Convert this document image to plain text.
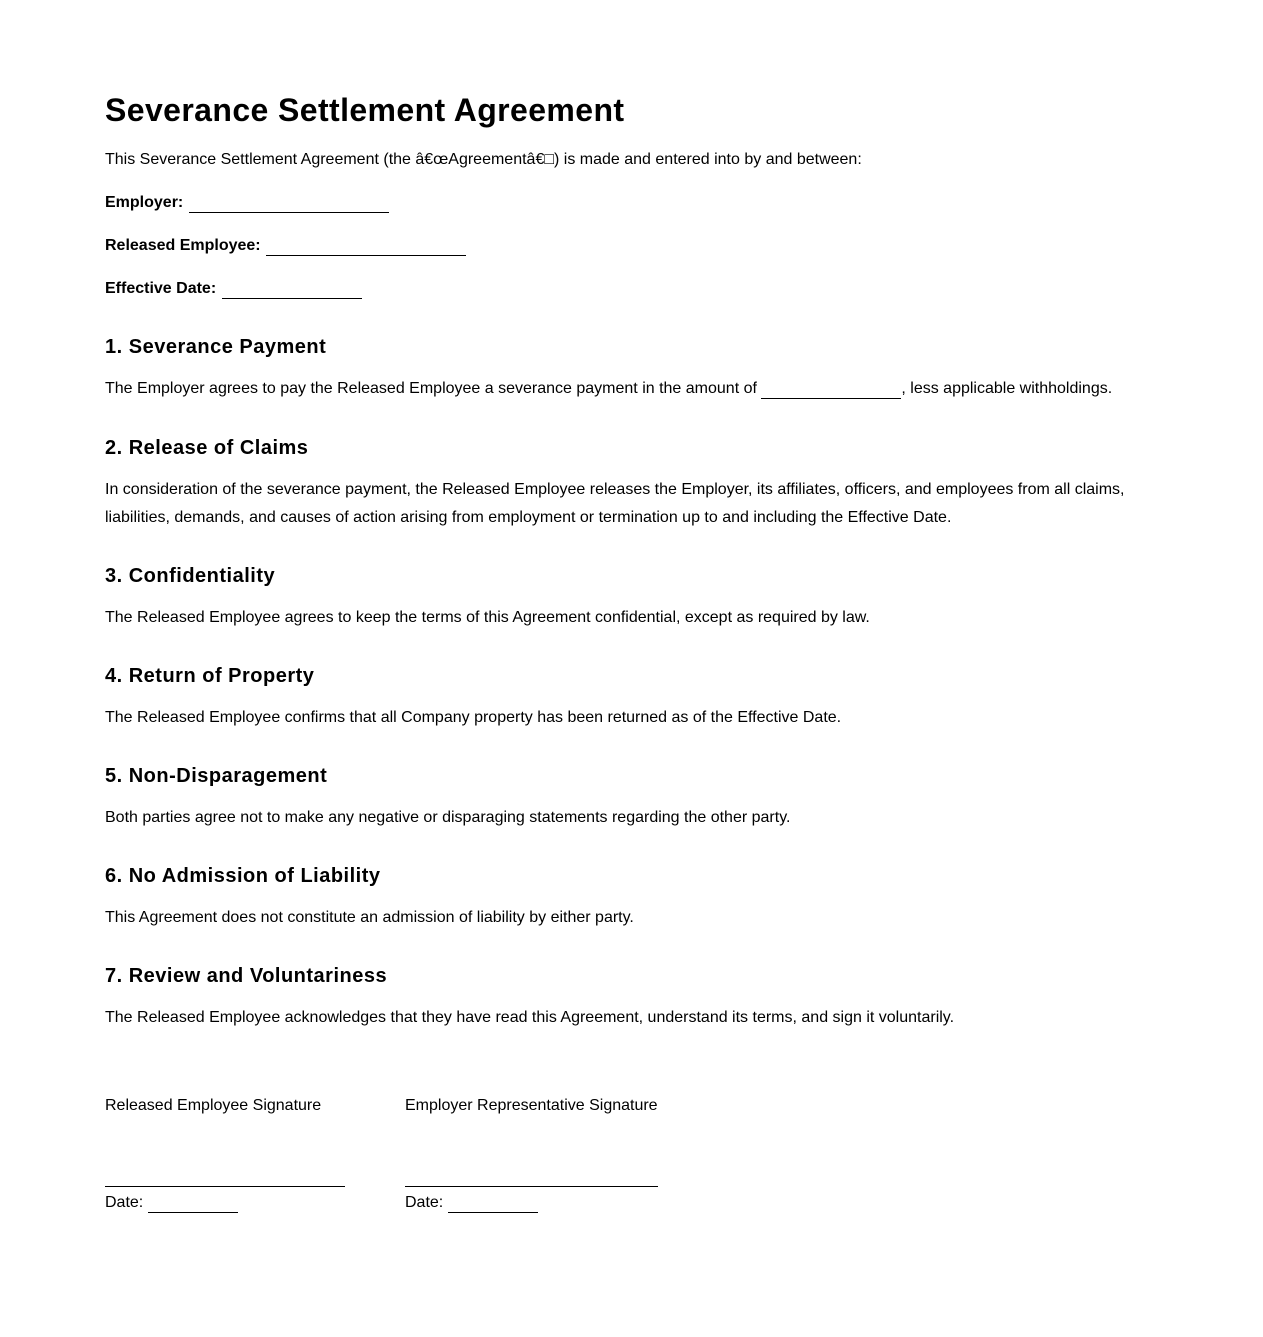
Severance Settlement Agreement
This Severance Settlement Agreement (the â€œAgreementâ€□) is made and entered into by and between:
Employer:
Released Employee:
Effective Date:
1. Severance Payment

The Employer agrees to pay the Released Employee a severance payment in the amount of	, less applicable withholdings.

2. Release of Claims

In consideration of the severance payment, the Released Employee releases the Employer, its affiliates, officers, and employees from all claims, liabilities, demands, and causes of action arising from employment or termination up to and including the Effective Date.

3. Confidentiality

The Released Employee agrees to keep the terms of this Agreement confidential, except as required by law.

4. Return of Property

The Released Employee confirms that all Company property has been returned as of the Effective Date.

5. Non-Disparagement

Both parties agree not to make any negative or disparaging statements regarding the other party.

6. No Admission of Liability

This Agreement does not constitute an admission of liability by either party.

7. Review and Voluntariness

The Released Employee acknowledges that they have read this Agreement, understand its terms, and sign it voluntarily.

Released Employee Signature
Date:
Employer Representative Signature
Date:
